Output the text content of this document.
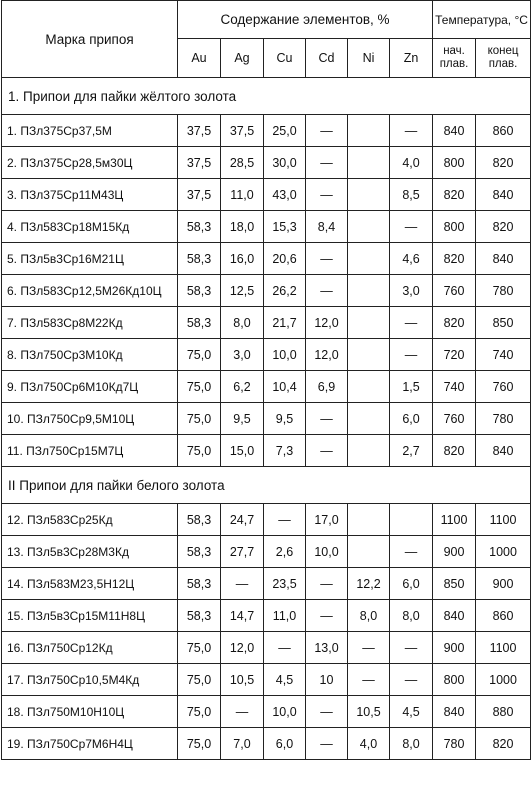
Марка припоя	Содержание элементов, %						Температура, °С	
	Au	Ag	Cu	Cd	Ni	Zn	нач. плав.	конец плав.
1. Припои для пайки жёлтого золота								
1. ПЗл375Ср37,5М	37,5	37,5	25,0	—		—	840	860
2. ПЗл375Ср28,5м30Ц	37,5	28,5	30,0	—		4,0	800	820
3. ПЗл375Ср11М43Ц	37,5	11,0	43,0	—		8,5	820	840
4. ПЗл583Ср18М15Кд	58,3	18,0	15,3	8,4		—	800	820
5. ПЗл5в3Ср16М21Ц	58,3	16,0	20,6	—		4,6	820	840
6. ПЗл583Ср12,5М26Кд10Ц	58,3	12,5	26,2	—		3,0	760	780
7. ПЗл583Ср8М22Кд	58,3	8,0	21,7	12,0		—	820	850
8. ПЗл750Ср3М10Кд	75,0	3,0	10,0	12,0		—	720	740
9. ПЗл750Ср6М10Кд7Ц	75,0	6,2	10,4	6,9		1,5	740	760
10. ПЗл750Ср9,5М10Ц	75,0	9,5	9,5	—		6,0	760	780
11. ПЗл750Ср15М7Ц	75,0	15,0	7,3	—		2,7	820	840
II Припои для пайки белого золота								
12. ПЗл583Ср25Кд	58,3	24,7	—	17,0			1100	1100
13. ПЗл5в3Ср28М3Кд	58,3	27,7	2,6	10,0		—	900	1000
14. ПЗл583М23,5Н12Ц	58,3	—	23,5	—	12,2	6,0	850	900
15. ПЗл5в3Ср15М11Н8Ц	58,3	14,7	11,0	—	8,0	8,0	840	860
16. ПЗл750Ср12Кд	75,0	12,0	—	13,0	—	—	900	1100
17. ПЗл750Ср10,5М4Кд	75,0	10,5	4,5	10	—	—	800	1000
18. ПЗл750М10Н10Ц	75,0	—	10,0	—	10,5	4,5	840	880
19. ПЗл750Ср7М6Н4Ц	75,0	7,0	6,0	—	4,0	8,0	780	820
